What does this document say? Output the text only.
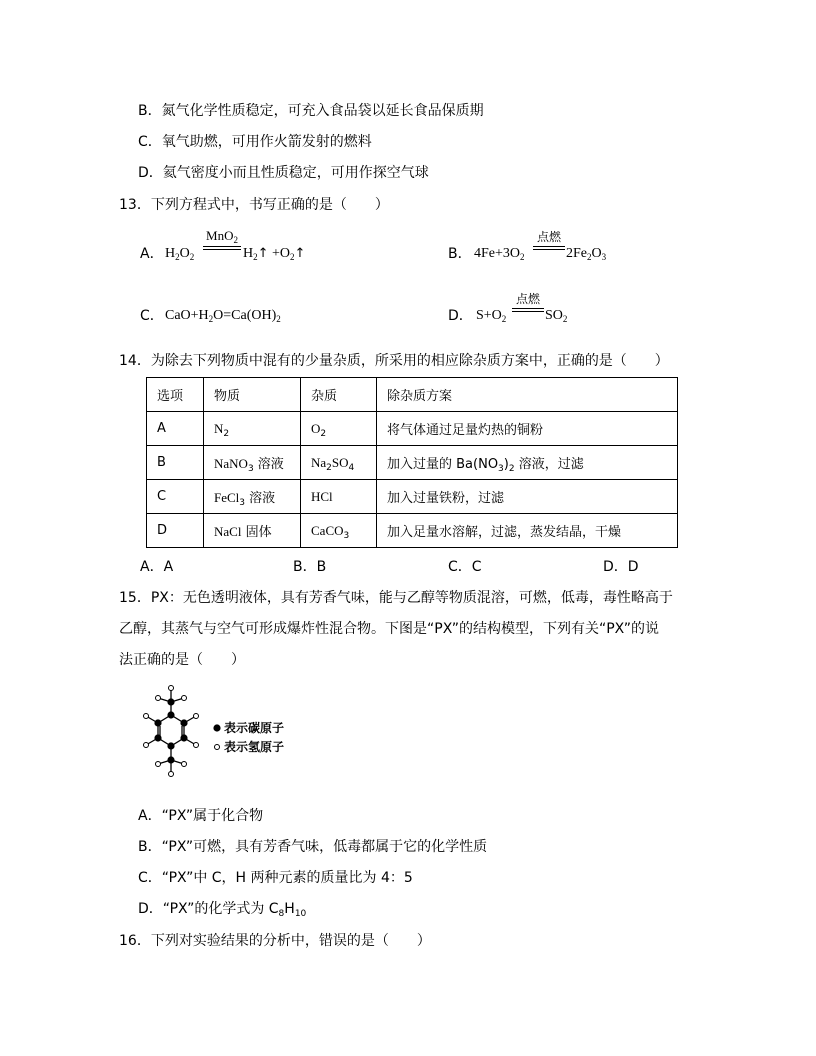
B．氮气化学性质稳定，可充入食品袋以延长食品保质期
C．氧气助燃，可用作火箭发射的燃料
D．氦气密度小而且性质稳定，可用作探空气球
13．下列方程式中，书写正确的是（　　）
A． $H_2O_2$
MnO$_2$
$H_2↑$ $+O_2↑$	B． $4Fe+3O_2$
点燃
$2Fe_2O_3$
C． $CaO+H_2O=Ca(OH)_2$	D． $S+O_2$
点燃
$SO_2$
14．为除去下列物质中混有的少量杂质，所采用的相应除杂质方案中，正确的是（　　）
选项	物质	杂质	除杂质方案
A	$N_2$	$O_2$	将气体通过足量灼热的铜粉
B	NaNO$_3$ 溶液	$Na_2SO_4$	加入过量的 $Ba(NO_3)_2$ 溶液，过滤
C	FeCl$_3$ 溶液	HCl	加入过量铁粉，过滤
D	NaCl 固体	CaCO$_3$	加入足量水溶解，过滤，蒸发结晶，干燥
A．A	B．B	C．C	D．D
15．PX：无色透明液体，具有芳香气味，能与乙醇等物质混溶，可燃，低毒，毒性略高于
乙醇，其蒸气与空气可形成爆炸性混合物。下图是“PX”的结构模型，下列有关“PX”的说
法正确的是（　　）
表示碳原子
表示氢原子
A．“PX”属于化合物
B．“PX”可燃，具有芳香气味，低毒都属于它的化学性质
C．“PX”中 C，H 两种元素的质量比为 4：5
D．“PX”的化学式为 $C_8H_{10}$
16．下列对实验结果的分析中，错误的是（　　）
